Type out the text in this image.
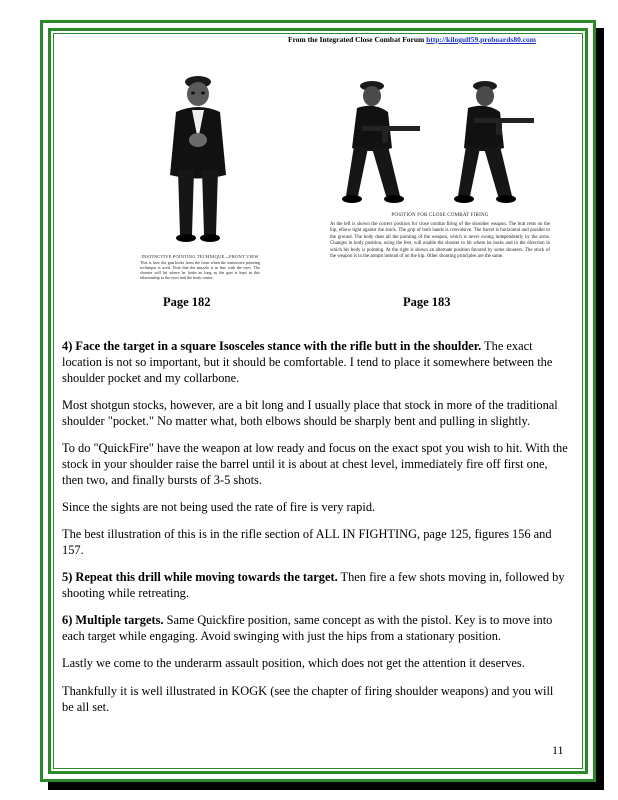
From the Integrated Close Combat Forum http://kilogulf59.proboards80.com
INSTINCTIVE POINTING TECHNIQUE—FRONT VIEW
This is how the gun looks from the front when the instinctive pointing technique is used. Note that the muzzle is in line with the eyes. The shooter will hit where he looks as long as the gun is kept in this relationship to the eyes and the body center.
Page 182
POSITION FOR CLOSE COMBAT FIRING
At the left is shown the correct position for close combat firing of the shoulder weapon. The butt rests on the hip, elbow tight against the stock. The grip of both hands is convulsive. The barrel is horizontal and parallel to the ground. The body does all the pointing of the weapon, which is never swung independently by the arms. Changes in body position, using the feet, will enable the shooter to hit where he looks and in the direction in which his body is pointing. At the right is shown an alternate position favored by some shooters. The stock of the weapon is in the armpit instead of on the hip. Other shooting principles are the same.
Page 183

4) Face the target in a square Isosceles stance with the rifle butt in the shoulder. The exact location is not so important, but it should be comfortable. I tend to place it somewhere between the shoulder pocket and my collarbone.

Most shotgun stocks, however, are a bit long and I usually place that stock in more of the traditional shoulder "pocket." No matter what, both elbows should be sharply bent and pulling in slightly.

To do "QuickFire" have the weapon at low ready and focus on the exact spot you wish to hit. With the stock in your shoulder raise the barrel until it is about at chest level, immediately fire off first one, then two, and finally bursts of 3-5 shots.

Since the sights are not being used the rate of fire is very rapid.

The best illustration of this is in the rifle section of ALL IN FIGHTING, page 125, figures 156 and 157.

5) Repeat this drill while moving towards the target. Then fire a few shots moving in, followed by shooting while retreating.

6) Multiple targets. Same Quickfire position, same concept as with the pistol. Key is to move into each target while engaging. Avoid swinging with just the hips from a stationary position.

Lastly we come to the underarm assault position, which does not get the attention it deserves.

Thankfully it is well illustrated in KOGK (see the chapter of firing shoulder weapons) and you will be all set.

11
